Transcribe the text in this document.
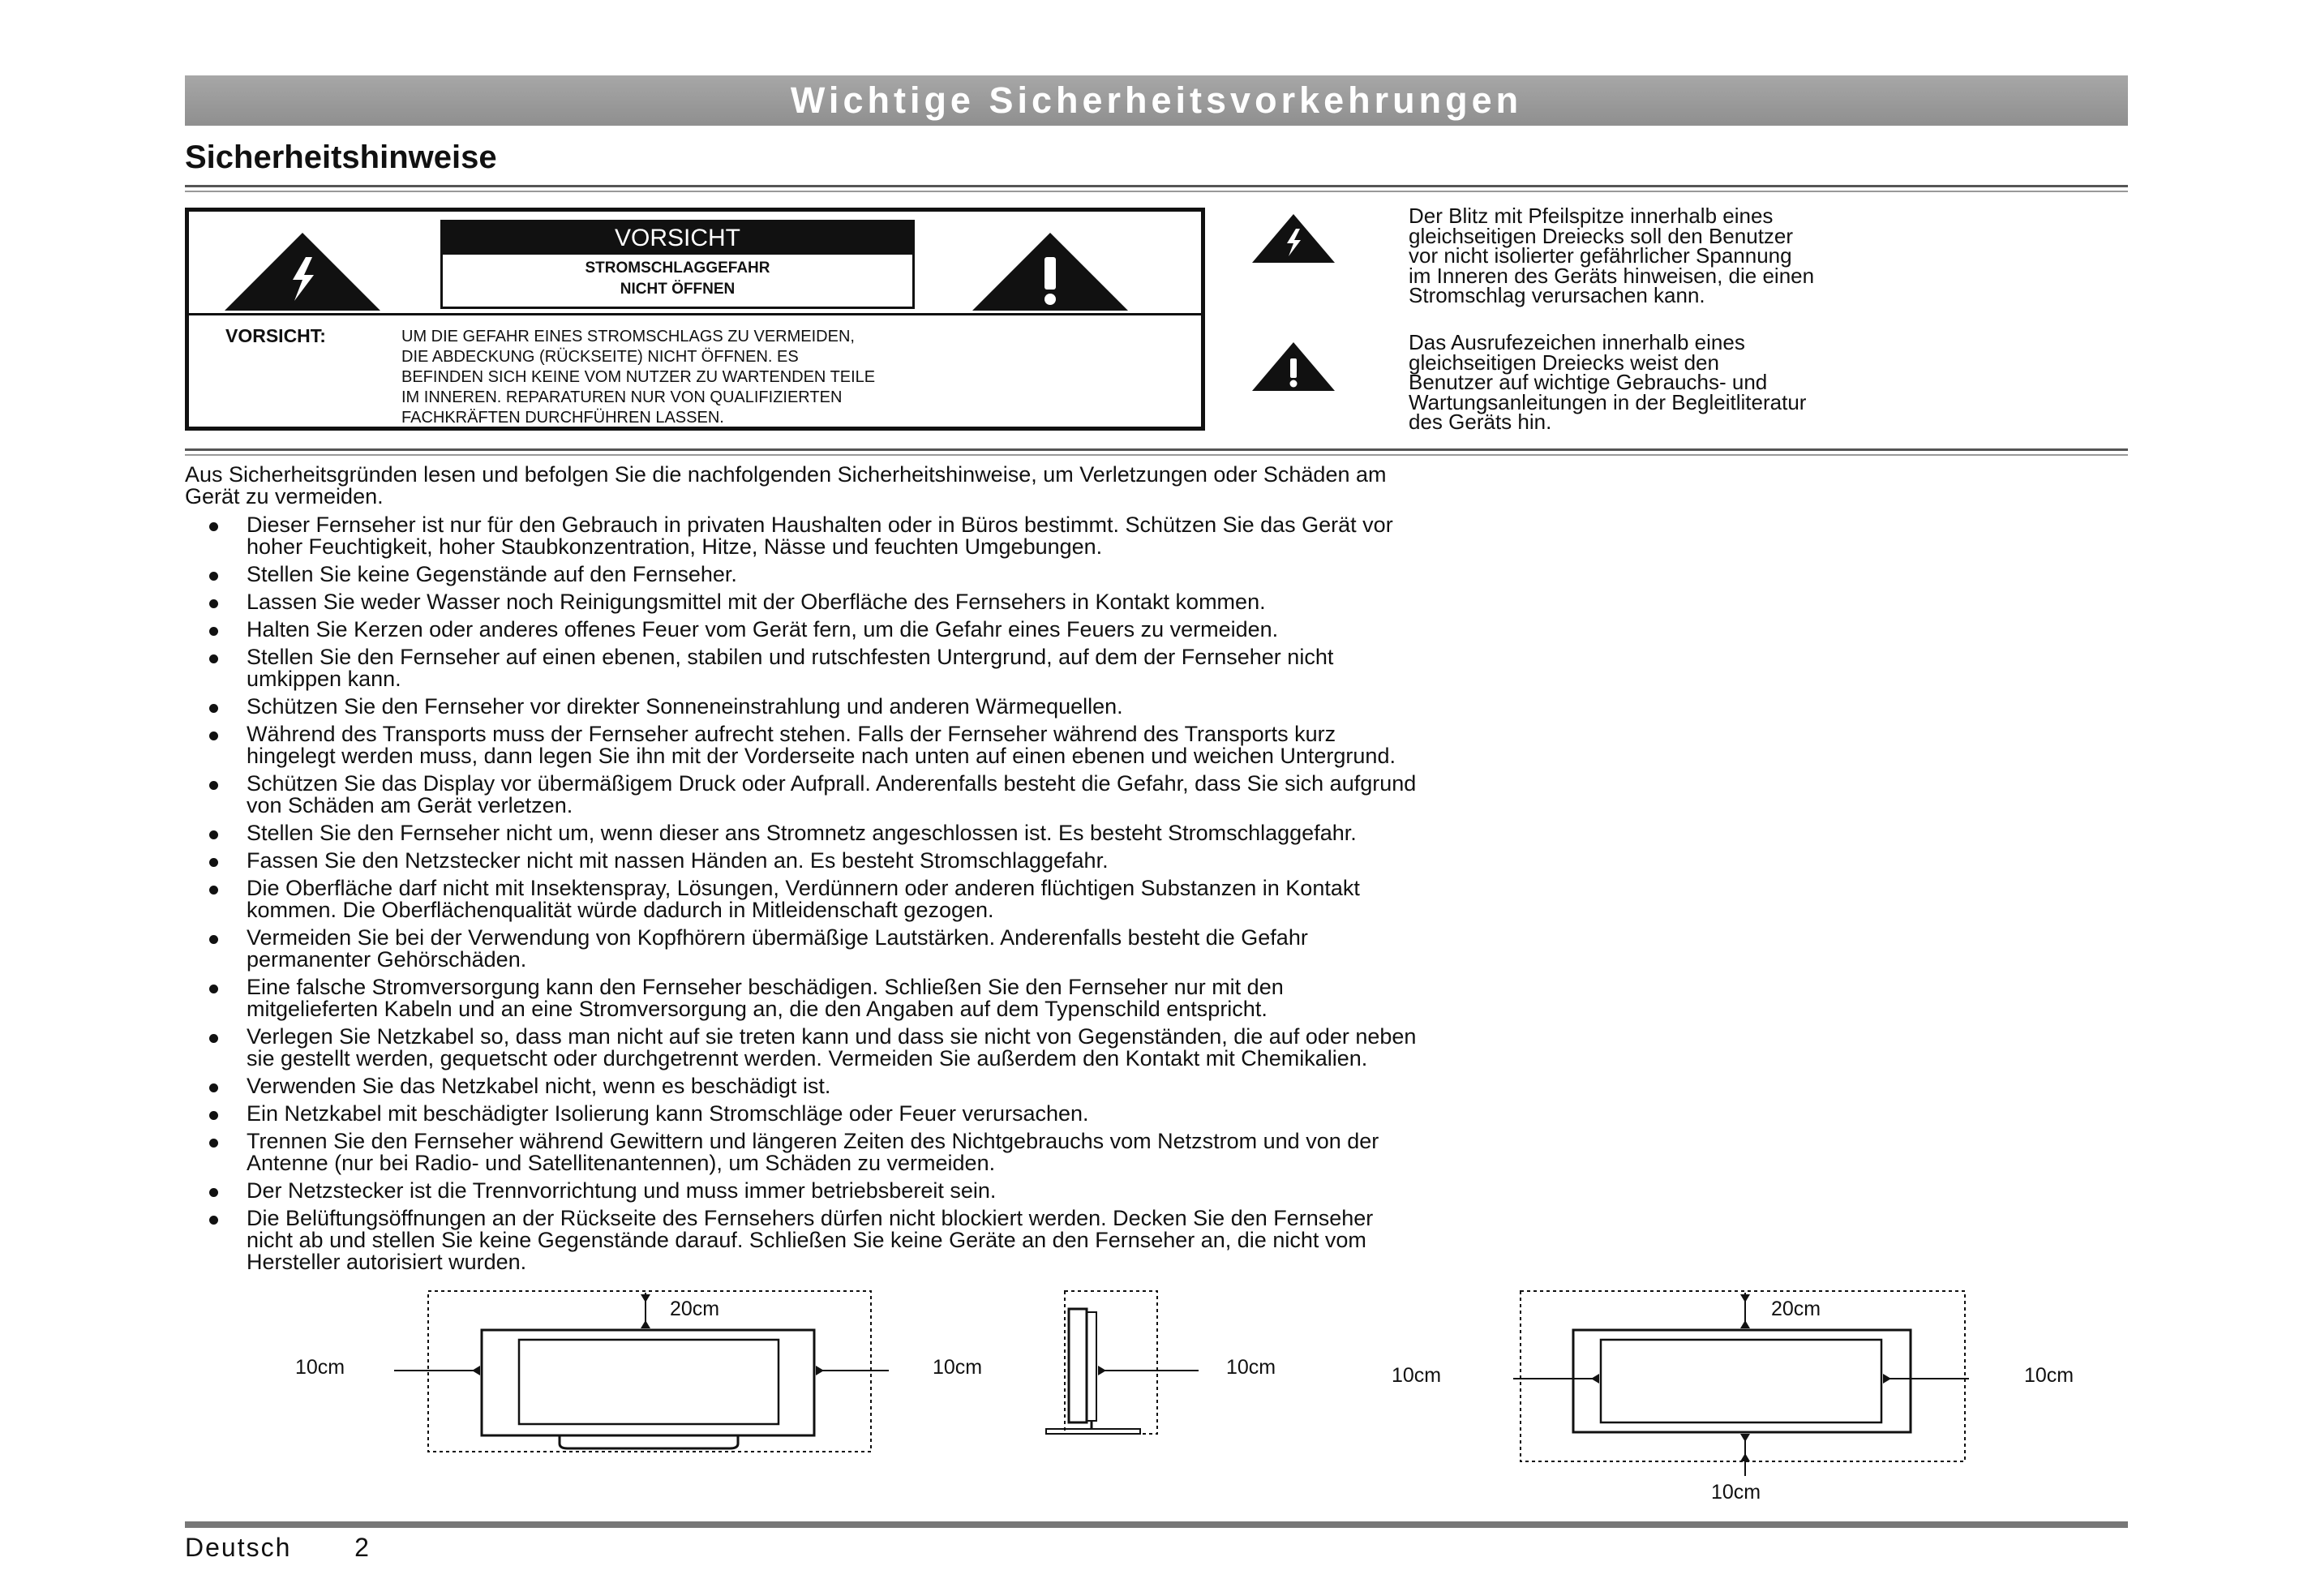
Wichtige Sicherheitsvorkehrungen
Sicherheitshinweise
VORSICHT
STROMSCHLAGGEFAHR
NICHT ÖFFNEN
VORSICHT:	UM DIE GEFAHR EINES STROMSCHLAGS ZU VERMEIDEN,
DIE ABDECKUNG (RÜCKSEITE) NICHT ÖFFNEN. ES
BEFINDEN SICH KEINE VOM NUTZER ZU WARTENDEN TEILE
IM INNEREN. REPARATUREN NUR VON QUALIFIZIERTEN
FACHKRÄFTEN DURCHFÜHREN LASSEN.
Der Blitz mit Pfeilspitze innerhalb eines
gleichseitigen Dreiecks soll den Benutzer
vor nicht isolierter gefährlicher Spannung
im Inneren des Geräts hinweisen, die einen
Stromschlag verursachen kann.
Das Ausrufezeichen innerhalb eines
gleichseitigen Dreiecks weist den
Benutzer auf wichtige Gebrauchs- und
Wartungsanleitungen in der Begleitliteratur
des Geräts hin.
Aus Sicherheitsgründen lesen und befolgen Sie die nachfolgenden Sicherheitshinweise, um Verletzungen oder Schäden am
Gerät zu vermeiden.
Dieser Fernseher ist nur für den Gebrauch in privaten Haushalten oder in Büros bestimmt. Schützen Sie das Gerät vor
hoher Feuchtigkeit, hoher Staubkonzentration, Hitze, Nässe und feuchten Umgebungen.
Stellen Sie keine Gegenstände auf den Fernseher.
Lassen Sie weder Wasser noch Reinigungsmittel mit der Oberfläche des Fernsehers in Kontakt kommen.
Halten Sie Kerzen oder anderes offenes Feuer vom Gerät fern, um die Gefahr eines Feuers zu vermeiden.
Stellen Sie den Fernseher auf einen ebenen, stabilen und rutschfesten Untergrund, auf dem der Fernseher nicht
umkippen kann.
Schützen Sie den Fernseher vor direkter Sonneneinstrahlung und anderen Wärmequellen.
Während des Transports muss der Fernseher aufrecht stehen. Falls der Fernseher während des Transports kurz
hingelegt werden muss, dann legen Sie ihn mit der Vorderseite nach unten auf einen ebenen und weichen Untergrund.
Schützen Sie das Display vor übermäßigem Druck oder Aufprall. Anderenfalls besteht die Gefahr, dass Sie sich aufgrund
von Schäden am Gerät verletzen.
Stellen Sie den Fernseher nicht um, wenn dieser ans Stromnetz angeschlossen ist. Es besteht Stromschlaggefahr.
Fassen Sie den Netzstecker nicht mit nassen Händen an. Es besteht Stromschlaggefahr.
Die Oberfläche darf nicht mit Insektenspray, Lösungen, Verdünnern oder anderen flüchtigen Substanzen in Kontakt
kommen. Die Oberflächenqualität würde dadurch in Mitleidenschaft gezogen.
Vermeiden Sie bei der Verwendung von Kopfhörern übermäßige Lautstärken. Anderenfalls besteht die Gefahr
permanenter Gehörschäden.
Eine falsche Stromversorgung kann den Fernseher beschädigen. Schließen Sie den Fernseher nur mit den
mitgelieferten Kabeln und an eine Stromversorgung an, die den Angaben auf dem Typenschild entspricht.
Verlegen Sie Netzkabel so, dass man nicht auf sie treten kann und dass sie nicht von Gegenständen, die auf oder neben
sie gestellt werden, gequetscht oder durchgetrennt werden. Vermeiden Sie außerdem den Kontakt mit Chemikalien.
Verwenden Sie das Netzkabel nicht, wenn es beschädigt ist.
Ein Netzkabel mit beschädigter Isolierung kann Stromschläge oder Feuer verursachen.
Trennen Sie den Fernseher während Gewittern und längeren Zeiten des Nichtgebrauchs vom Netzstrom und von der
Antenne (nur bei Radio- und Satellitenantennen), um Schäden zu vermeiden.
Der Netzstecker ist die Trennvorrichtung und muss immer betriebsbereit sein.
Die Belüftungsöffnungen an der Rückseite des Fernsehers dürfen nicht blockiert werden. Decken Sie den Fernseher
nicht ab und stellen Sie keine Gegenstände darauf. Schließen Sie keine Geräte an den Fernseher an, die nicht vom
Hersteller autorisiert wurden.
20cm
10cm	10cm	10cm
20cm
10cm	10cm
10cm
Deutsch 2
